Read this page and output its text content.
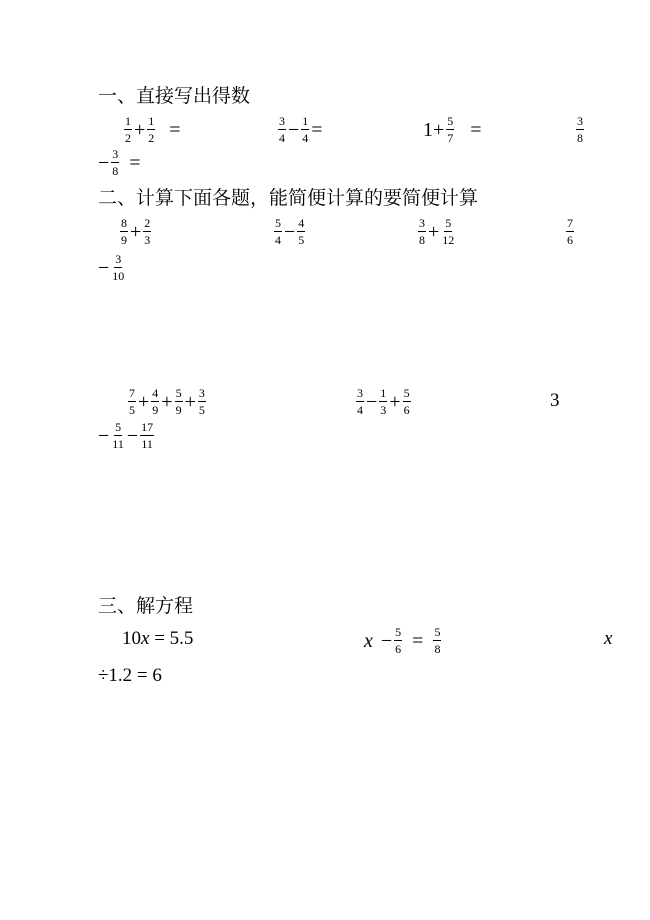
一、直接写出得数
$\frac{1}{2} + \frac{1}{2}$ =	$\frac{3}{4} - \frac{1}{4}$ =	$1 + \frac{5}{7}$ =	$\frac{3}{8}$
− $\frac{3}{8}$ =
二、计算下面各题，能简便计算的要简便计算
$\frac{8}{9} + \frac{2}{3}$	$\frac{5}{4} - \frac{4}{5}$	$\frac{3}{8} + \frac{5}{12}$	$\frac{7}{6}$
− $\frac{3}{10}$
$\frac{7}{5} + \frac{4}{9} + \frac{5}{9} + \frac{3}{5}$	$\frac{3}{4} - \frac{1}{3} + \frac{5}{6}$	3
− $\frac{5}{11} - \frac{17}{11}$
三、解方程
10x = 5.5	$x - \frac{5}{6} = \frac{5}{8}$	x
÷1.2 = 6
